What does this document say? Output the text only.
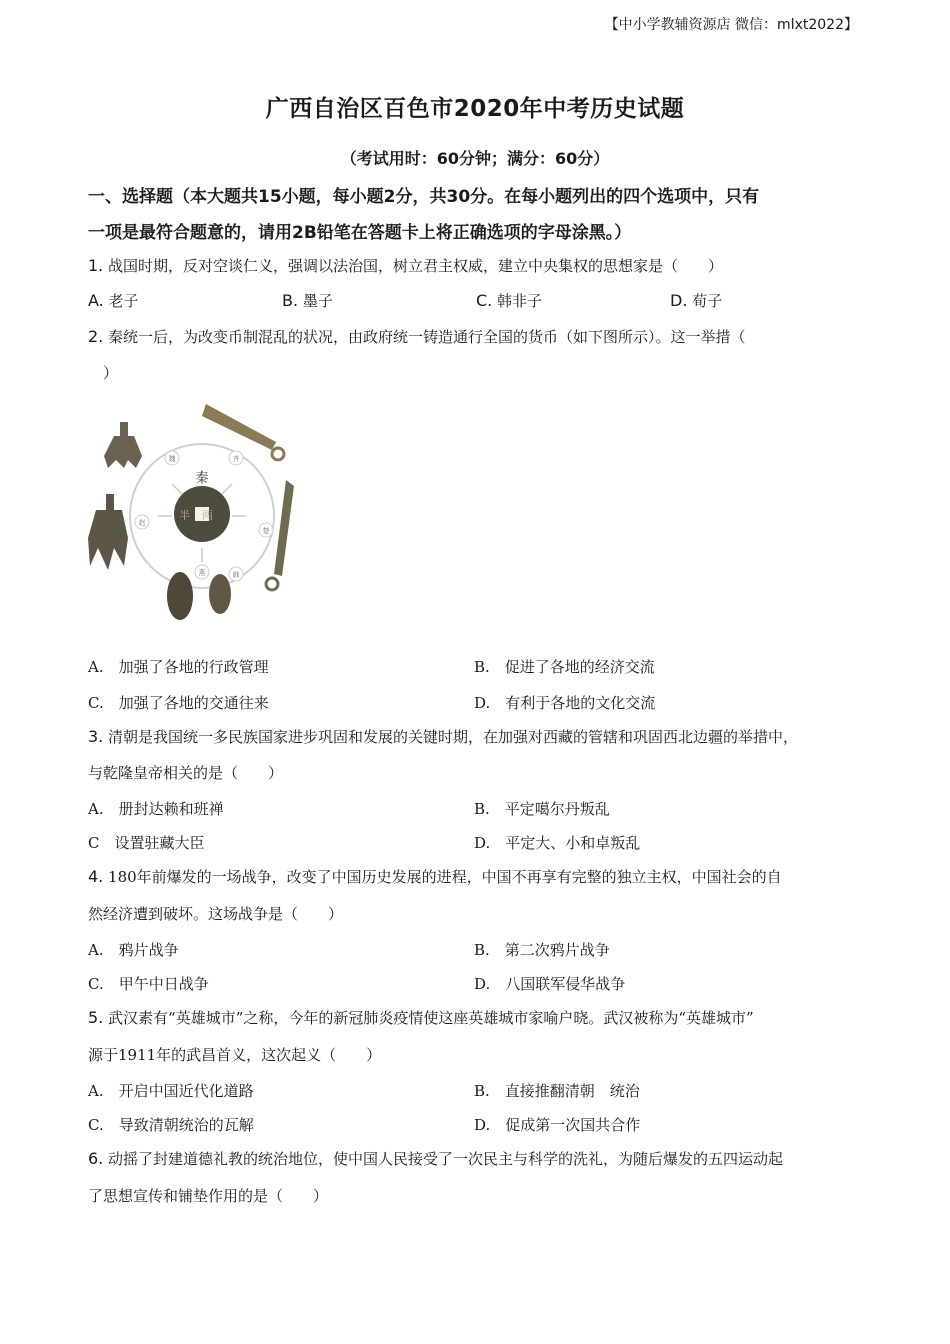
【中小学教辅资源店 微信：mlxt2022】
广西自治区百色市2020年中考历史试题
（考试用时：60分钟；满分：60分）
一、选择题（本大题共15小题，每小题2分，共30分。在每小题列出的四个选项中，只有
一项是最符合题意的，请用2B铅笔在答题卡上将正确选项的字母涂黑。）
1. 战国时期，反对空谈仁义，强调以法治国，树立君主权威，建立中央集权的思想家是（　　）
A. 老子	B. 墨子	C. 韩非子	D. 荀子
2. 秦统一后，为改变币制混乱的状况，由政府统一铸造通行全国的货币（如下图所示）。这一举措（
　）
秦
半两
魏	齐
楚
燕
赵
韩
A.　加强了各地的行政管理	B.　促进了各地的经济交流
C.　加强了各地的交通往来	D.　有利于各地的文化交流
3. 清朝是我国统一多民族国家进步巩固和发展的关键时期，在加强对西藏的管辖和巩固西北边疆的举措中，
与乾隆皇帝相关的是（　　）
A.　册封达赖和班禅	B.　平定噶尔丹叛乱
C　设置驻藏大臣	D.　平定大、小和卓叛乱
4. 180年前爆发的一场战争，改变了中国历史发展的进程，中国不再享有完整的独立主权，中国社会的自
然经济遭到破坏。这场战争是（　　）
A.　鸦片战争	B.　第二次鸦片战争
C.　甲午中日战争	D.　八国联军侵华战争
5. 武汉素有“英雄城市”之称，今年的新冠肺炎疫情使这座英雄城市家喻户晓。武汉被称为“英雄城市”
源于1911年的武昌首义，这次起义（　　）
A.　开启中国近代化道路	B.　直接推翻清朝　统治
C.　导致清朝统治的瓦解	D.　促成第一次国共合作
6. 动摇了封建道德礼教的统治地位，使中国人民接受了一次民主与科学的洗礼，为随后爆发的五四运动起
了思想宣传和铺垫作用的是（　　）
